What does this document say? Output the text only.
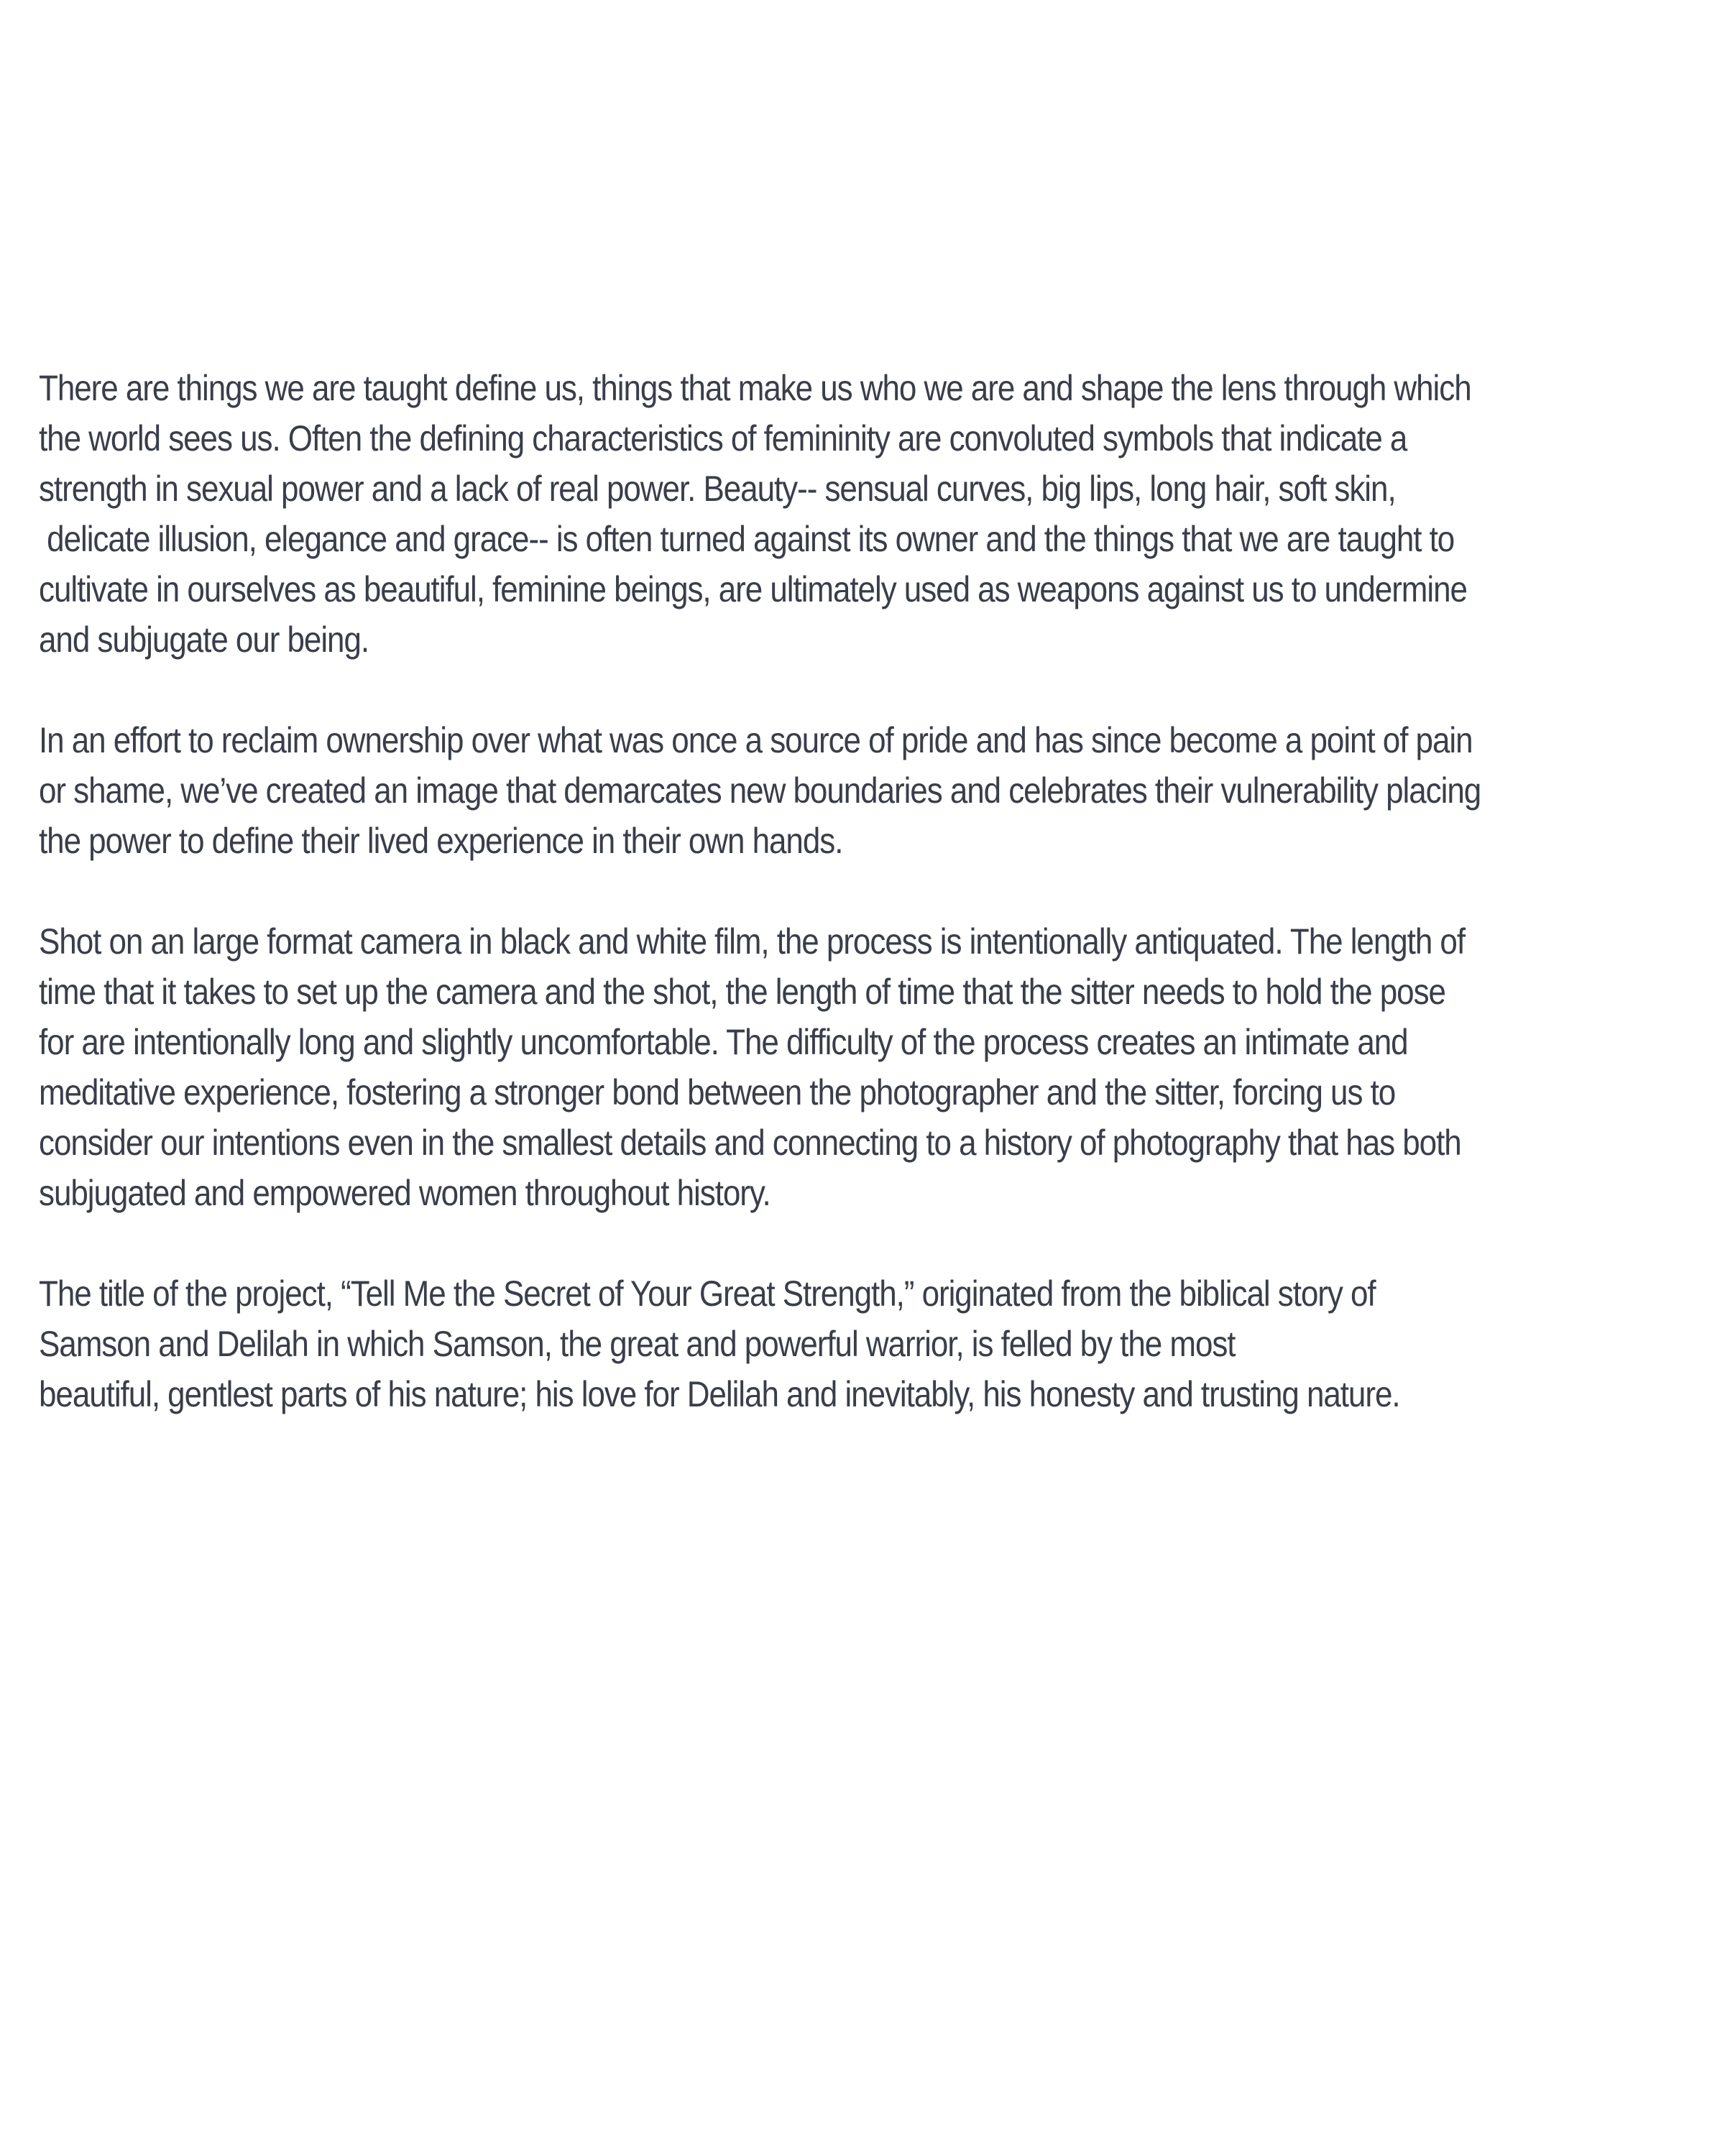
There are things we are taught define us, things that make us who we are and shape the lens through which
the world sees us. Often the defining characteristics of femininity are convoluted symbols that indicate a
strength in sexual power and a lack of real power. Beauty-- sensual curves, big lips, long hair, soft skin,
delicate illusion, elegance and grace-- is often turned against its owner and the things that we are taught to
cultivate in ourselves as beautiful, feminine beings, are ultimately used as weapons against us to undermine
and subjugate our being.

In an effort to reclaim ownership over what was once a source of pride and has since become a point of pain
or shame, we’ve created an image that demarcates new boundaries and celebrates their vulnerability placing
the power to define their lived experience in their own hands.

Shot on an large format camera in black and white film, the process is intentionally antiquated. The length of
time that it takes to set up the camera and the shot, the length of time that the sitter needs to hold the pose
for are intentionally long and slightly uncomfortable. The difficulty of the process creates an intimate and
meditative experience, fostering a stronger bond between the photographer and the sitter, forcing us to
consider our intentions even in the smallest details and connecting to a history of photography that has both
subjugated and empowered women throughout history.

The title of the project, “Tell Me the Secret of Your Great Strength,” originated from the biblical story of
Samson and Delilah in which Samson, the great and powerful warrior, is felled by the most
beautiful, gentlest parts of his nature; his love for Delilah and inevitably, his honesty and trusting nature.
